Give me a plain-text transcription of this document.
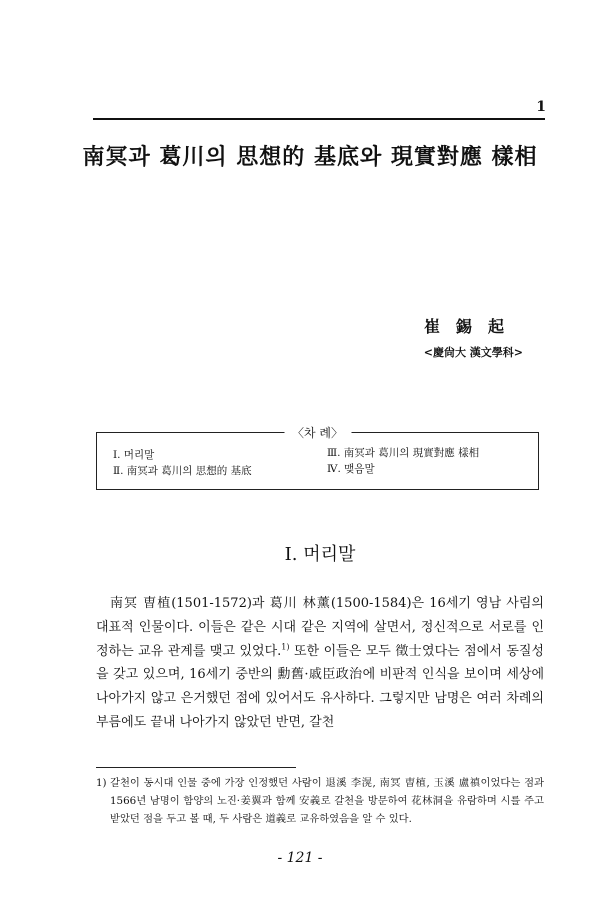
1
南冥과 葛川의 思想的 基底와 現實對應 樣相
崔錫起
<慶尙大 漢文學科>
〈차 례〉
Ⅰ. 머리말
Ⅱ. 南冥과 葛川의 思想的 基底
Ⅲ. 南冥과 葛川의 現實對應 樣相
Ⅳ. 맺음말
Ⅰ. 머리말

南冥 曺植(1501-1572)과 葛川 林薰(1500-1584)은 16세기 영남 사림의 대표적 인물이다. 이들은 같은 시대 같은 지역에 살면서, 정신적으로 서로를 인정하는 교유 관계를 맺고 있었다.$^{1)}$ 또한 이들은 모두 徵士였다는 점에서 동질성을 갖고 있으며, 16세기 중반의 勳舊·戚臣政治에 비판적 인식을 보이며 세상에 나아가지 않고 은거했던 점에 있어서도 유사하다. 그렇지만 남명은 여러 차례의 부름에도 끝내 나아가지 않았던 반면, 갈천

1) 갈천이 동시대 인물 중에 가장 인정했던 사람이 退溪 李滉, 南冥 曺植, 玉溪 盧禛이었다는 점과 1566년 남명이 함양의 노진·姜翼과 함께 安義로 갈천을 방문하여 花林洞을 유람하며 시를 주고받았던 점을 두고 볼 때, 두 사람은 道義로 교유하였음을 알 수 있다.
- 121 -
